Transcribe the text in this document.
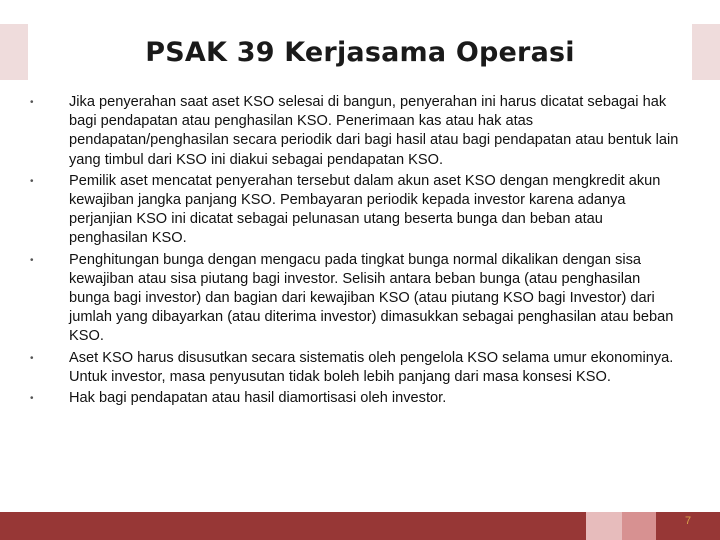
PSAK 39 Kerjasama Operasi
• Jika penyerahan saat aset KSO selesai di bangun, penyerahan ini harus dicatat sebagai hak bagi pendapatan atau penghasilan KSO. Penerimaan kas atau hak atas pendapatan/penghasilan secara periodik dari bagi hasil atau bagi pendapatan atau bentuk lain yang timbul dari KSO ini diakui sebagai pendapatan KSO.
• Pemilik aset mencatat penyerahan tersebut dalam akun aset KSO dengan mengkredit akun kewajiban jangka panjang KSO. Pembayaran periodik kepada investor karena adanya perjanjian KSO ini dicatat sebagai pelunasan utang beserta bunga dan beban atau penghasilan KSO.
• Penghitungan bunga dengan mengacu pada tingkat bunga normal dikalikan dengan sisa kewajiban atau sisa piutang bagi investor. Selisih antara beban bunga (atau penghasilan bunga bagi investor) dan bagian dari kewajiban KSO (atau piutang KSO bagi Investor) dari jumlah yang dibayarkan (atau diterima investor) dimasukkan sebagai penghasilan atau beban KSO.
• Aset KSO harus disusutkan secara sistematis oleh pengelola KSO selama umur ekonominya. Untuk investor, masa penyusutan tidak boleh lebih panjang dari masa konsesi KSO.
• Hak bagi pendapatan atau hasil diamortisasi oleh investor.
7
